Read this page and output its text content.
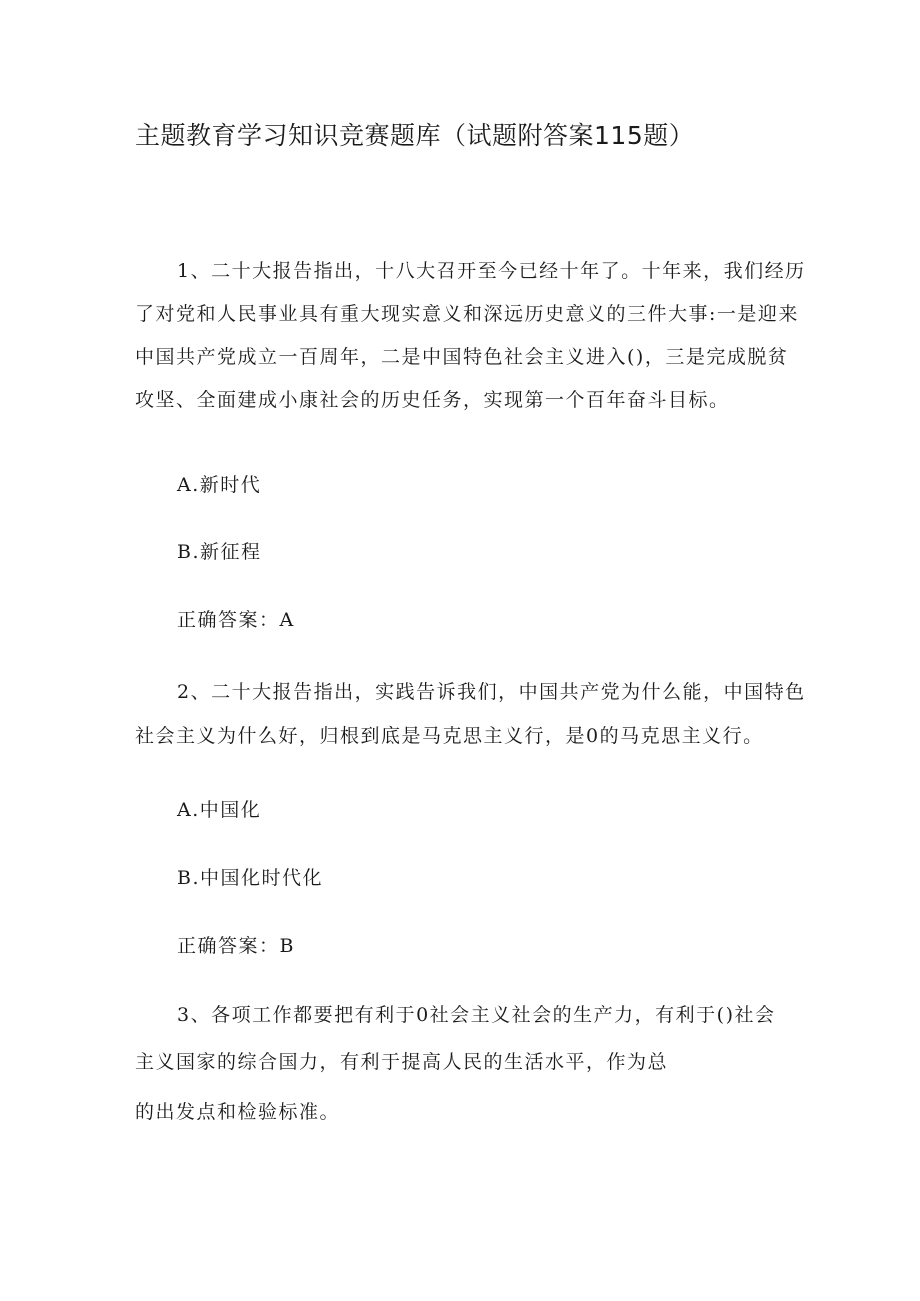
主题教育学习知识竞赛题库（试题附答案115题）

1、二十大报告指出，十八大召开至今已经十年了。十年来，我们经历

了对党和人民事业具有重大现实意义和深远历史意义的三件大事:一是迎来

中国共产党成立一百周年，二是中国特色社会主义进入()，三是完成脱贫

攻坚、全面建成小康社会的历史任务，实现第一个百年奋斗目标。

A.新时代

B.新征程

正确答案：A

2、二十大报告指出，实践告诉我们，中国共产党为什么能，中国特色

社会主义为什么好，归根到底是马克思主义行，是0的马克思主义行。

A.中国化

B.中国化时代化

正确答案：B

3、各项工作都要把有利于0社会主义社会的生产力，有利于()社会

主义国家的综合国力，有利于提高人民的生活水平，作为总

的出发点和检验标准。
